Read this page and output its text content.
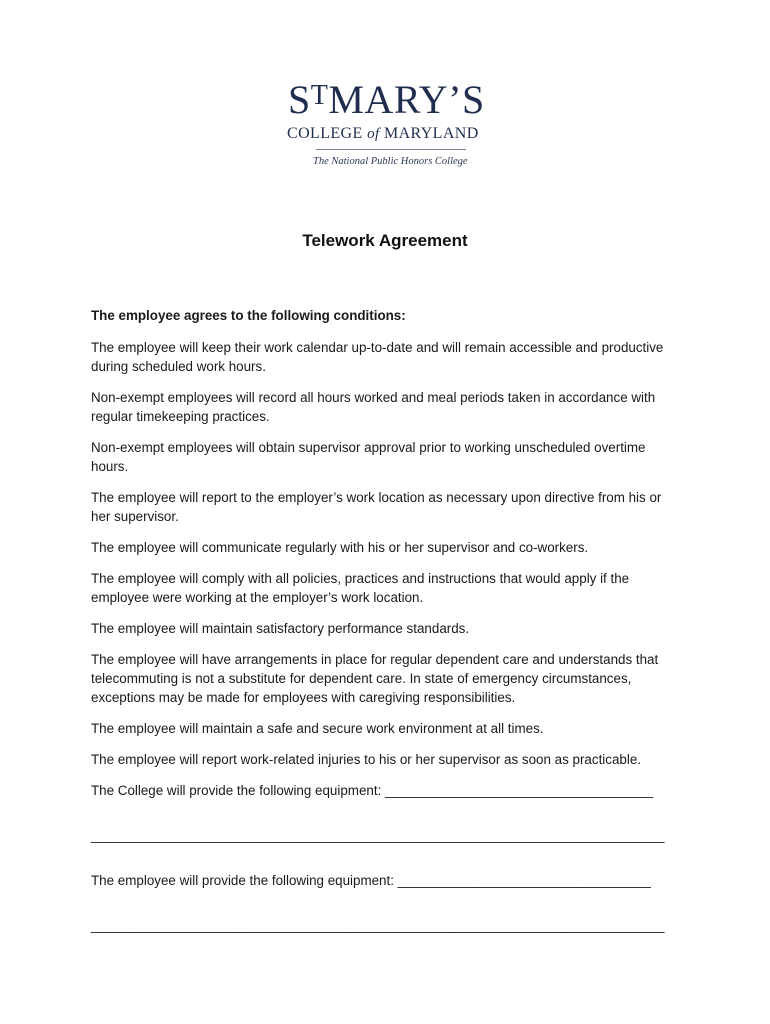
$S^TMARY’S$
COLLEGE of MARYLAND
The National Public Honors College
Telework Agreement

The employee agrees to the following conditions:

The employee will keep their work calendar up-to-date and will remain accessible and productive during scheduled work hours.

Non-exempt employees will record all hours worked and meal periods taken in accordance with regular timekeeping practices.

Non-exempt employees will obtain supervisor approval prior to working unscheduled overtime hours.

The employee will report to the employer’s work location as necessary upon directive from his or her supervisor.

The employee will communicate regularly with his or her supervisor and co-workers.

The employee will comply with all policies, practices and instructions that would apply if the employee were working at the employer’s work location.

The employee will maintain satisfactory performance standards.

The employee will have arrangements in place for regular dependent care and understands that telecommuting is not a substitute for dependent care. In state of emergency circumstances, exceptions may be made for employees with caregiving responsibilities.

The employee will maintain a safe and secure work environment at all times.

The employee will report work-related injuries to his or her supervisor as soon as practicable.

The College will provide the following equipment: ____________________________________

_____________________________________________________________________________

The employee will provide the following equipment: __________________________________

_____________________________________________________________________________
